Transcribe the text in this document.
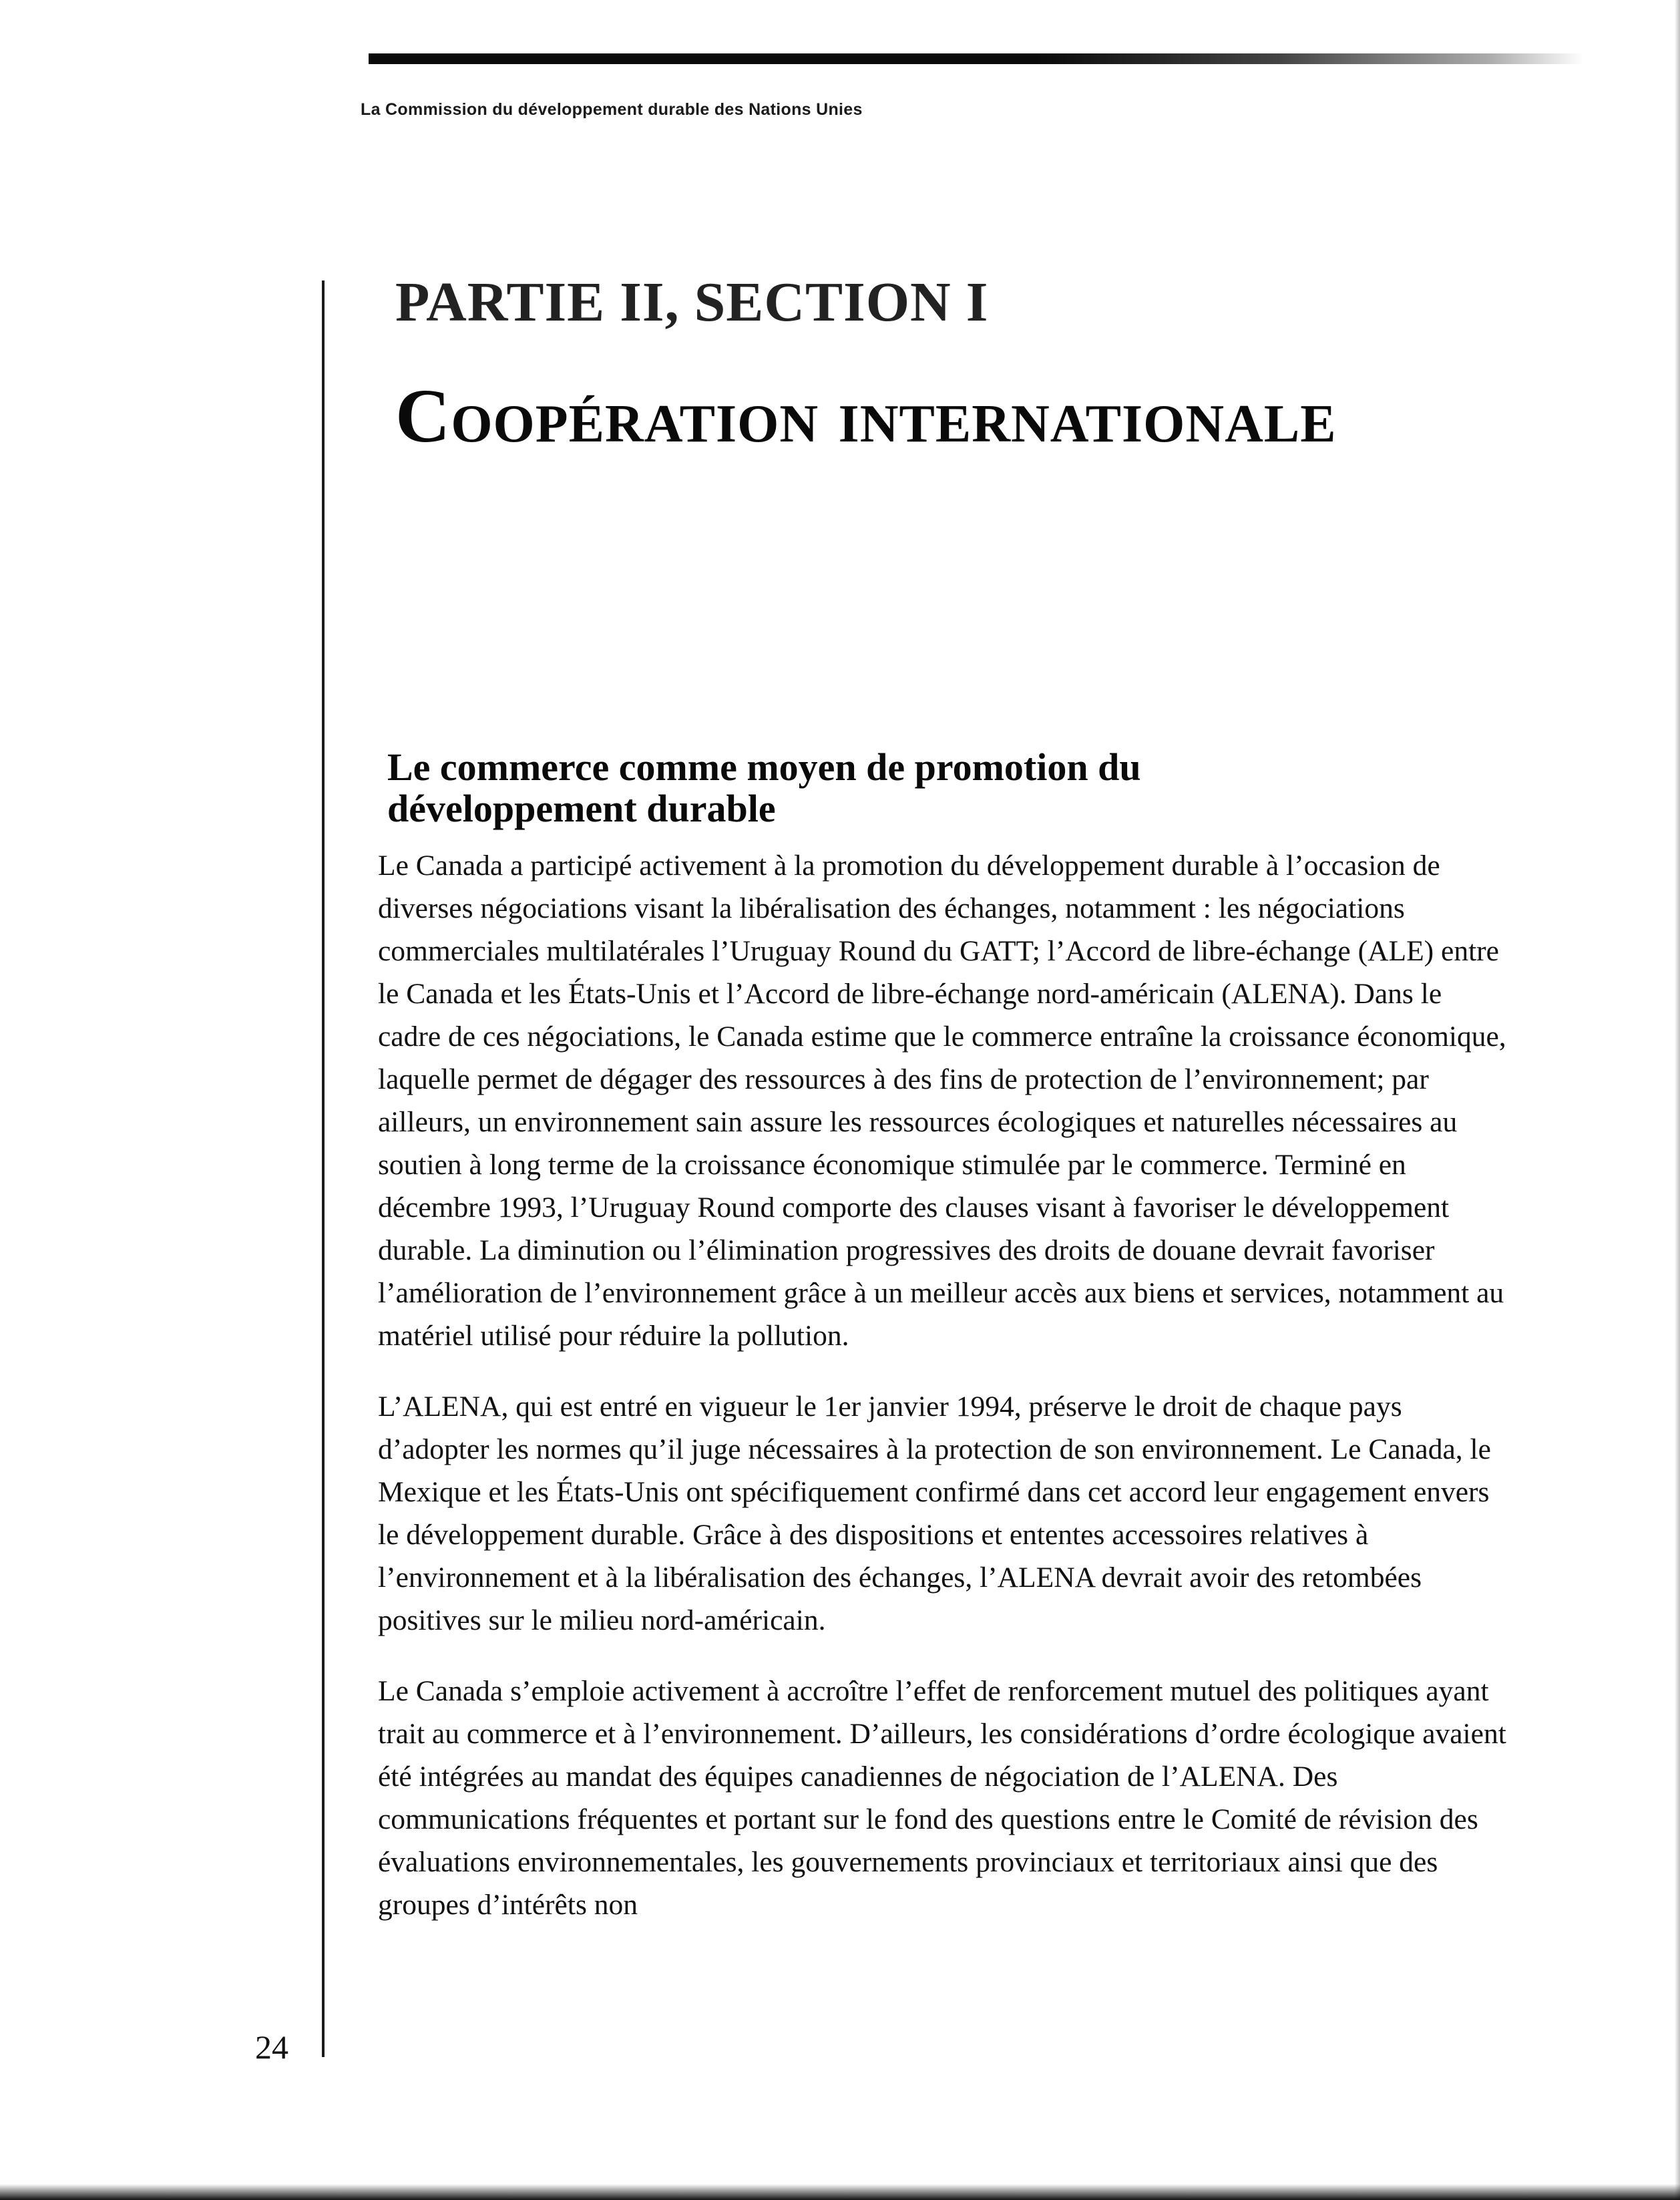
La Commission du développement durable des Nations Unies
PARTIE II, SECTION I
Coopération internationale
Le commerce comme moyen de promotion du développement durable

Le Canada a participé activement à la promotion du développement durable à l’occasion de diverses négociations visant la libéralisation des échanges, notamment : les négociations commerciales multilatérales l’Uruguay Round du GATT; l’Accord de libre-échange (ALE) entre le Canada et les États-Unis et l’Accord de libre-échange nord-américain (ALENA). Dans le cadre de ces négociations, le Canada estime que le commerce entraîne la croissance économique, laquelle permet de dégager des ressources à des fins de protection de l’environnement; par ailleurs, un environnement sain assure les ressources écologiques et naturelles nécessaires au soutien à long terme de la croissance économique stimulée par le commerce. Terminé en décembre 1993, l’Uruguay Round comporte des clauses visant à favoriser le développement durable. La diminution ou l’élimination progressives des droits de douane devrait favoriser l’amélioration de l’environnement grâce à un meilleur accès aux biens et services, notamment au matériel utilisé pour réduire la pollution.

L’ALENA, qui est entré en vigueur le 1er janvier 1994, préserve le droit de chaque pays d’adopter les normes qu’il juge nécessaires à la protection de son environnement. Le Canada, le Mexique et les États-Unis ont spécifiquement confirmé dans cet accord leur engagement envers le développement durable. Grâce à des dispositions et ententes accessoires relatives à l’environnement et à la libéralisation des échanges, l’ALENA devrait avoir des retombées positives sur le milieu nord-américain.

Le Canada s’emploie activement à accroître l’effet de renforcement mutuel des politiques ayant trait au commerce et à l’environnement. D’ailleurs, les considérations d’ordre écologique avaient été intégrées au mandat des équipes canadiennes de négociation de l’ALENA. Des communications fréquentes et portant sur le fond des questions entre le Comité de révision des évaluations environnementales, les gouvernements provinciaux et territoriaux ainsi que des groupes d’intérêts non

24
